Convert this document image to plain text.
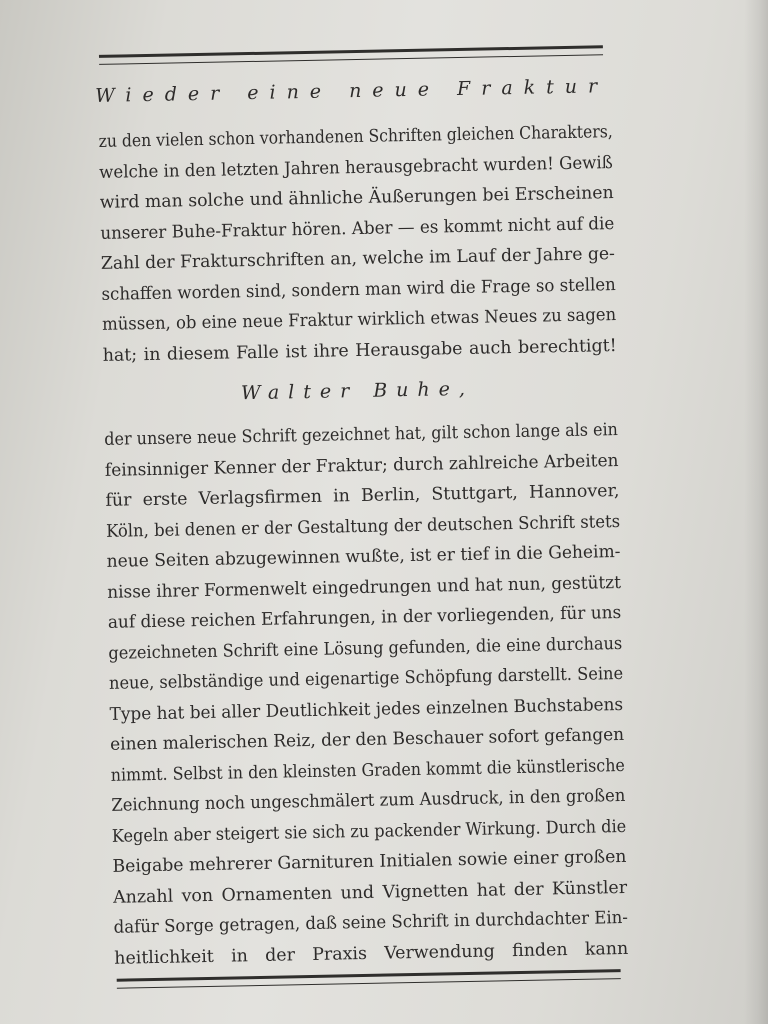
Wieder eine neue Fraktur
zu den vielen schon vorhandenen Schriften gleichen Charakters,
welche in den letzten Jahren herausgebracht wurden! Gewiß
wird man solche und ähnliche Äußerungen bei Erscheinen
unserer Buhe-Fraktur hören. Aber — es kommt nicht auf die
Zahl der Frakturschriften an, welche im Lauf der Jahre ge-
schaffen worden sind, sondern man wird die Frage so stellen
müssen, ob eine neue Fraktur wirklich etwas Neues zu sagen
hat; in diesem Falle ist ihre Herausgabe auch berechtigt!
Walter Buhe,
der unsere neue Schrift gezeichnet hat, gilt schon lange als ein
feinsinniger Kenner der Fraktur; durch zahlreiche Arbeiten
für erste Verlagsfirmen in Berlin, Stuttgart, Hannover,
Köln, bei denen er der Gestaltung der deutschen Schrift stets
neue Seiten abzugewinnen wußte, ist er tief in die Geheim-
nisse ihrer Formenwelt eingedrungen und hat nun, gestützt
auf diese reichen Erfahrungen, in der vorliegenden, für uns
gezeichneten Schrift eine Lösung gefunden, die eine durchaus
neue, selbständige und eigenartige Schöpfung darstellt. Seine
Type hat bei aller Deutlichkeit jedes einzelnen Buchstabens
einen malerischen Reiz, der den Beschauer sofort gefangen
nimmt. Selbst in den kleinsten Graden kommt die künstlerische
Zeichnung noch ungeschmälert zum Ausdruck, in den großen
Kegeln aber steigert sie sich zu packender Wirkung. Durch die
Beigabe mehrerer Garnituren Initialen sowie einer großen
Anzahl von Ornamenten und Vignetten hat der Künstler
dafür Sorge getragen, daß seine Schrift in durchdachter Ein-
heitlichkeit in der Praxis Verwendung finden kann
